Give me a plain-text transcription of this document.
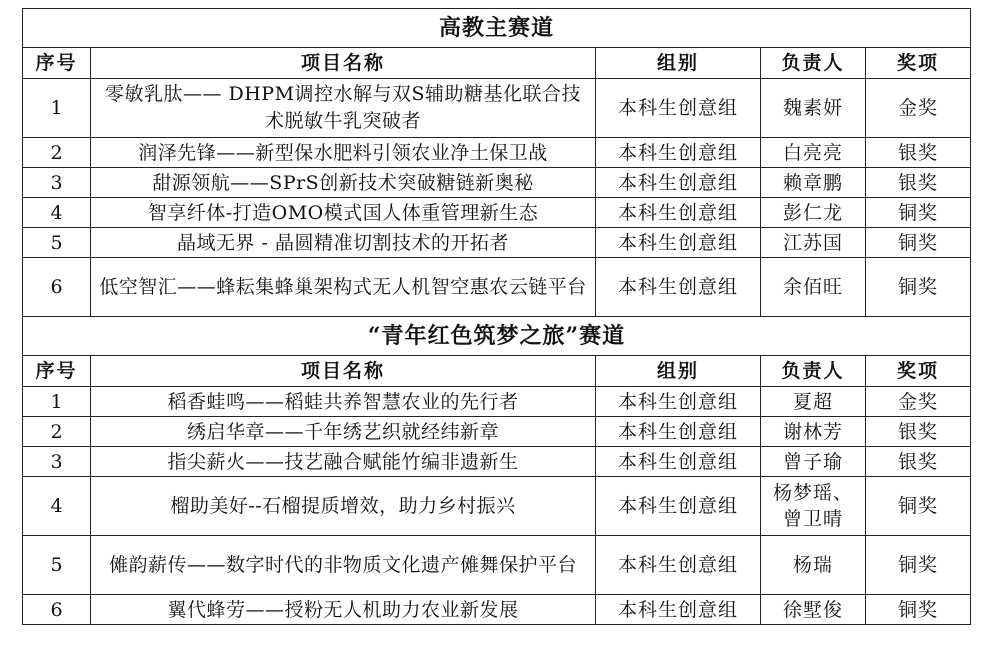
高教主赛道				
序号	项目名称	组别	负责人	奖项
1	零敏乳肽—— DHPM调控水解与双S辅助糖基化联合技术脱敏牛乳突破者	本科生创意组	魏素妍	金奖
2	润泽先锋——新型保水肥料引领农业净土保卫战	本科生创意组	白亮亮	银奖
3	甜源领航——SPrS创新技术突破糖链新奥秘	本科生创意组	赖章鹏	银奖
4	智享纤体-打造OMO模式国人体重管理新生态	本科生创意组	彭仁龙	铜奖
5	晶域无界 - 晶圆精准切割技术的开拓者	本科生创意组	江苏国	铜奖
6	低空智汇——蜂耘集蜂巢架构式无人机智空惠农云链平台	本科生创意组	余佰旺	铜奖
“青年红色筑梦之旅”赛道				
序号	项目名称	组别	负责人	奖项
1	稻香蛙鸣——稻蛙共养智慧农业的先行者	本科生创意组	夏超	金奖
2	绣启华章——千年绣艺织就经纬新章	本科生创意组	谢林芳	银奖
3	指尖薪火——技艺融合赋能竹编非遗新生	本科生创意组	曾子瑜	银奖
4	榴助美好--石榴提质增效，助力乡村振兴	本科生创意组	杨梦瑶、曾卫晴	铜奖
5	傩韵薪传——数字时代的非物质文化遗产傩舞保护平台	本科生创意组	杨瑞	铜奖
6	翼代蜂劳——授粉无人机助力农业新发展	本科生创意组	徐墅俊	铜奖
